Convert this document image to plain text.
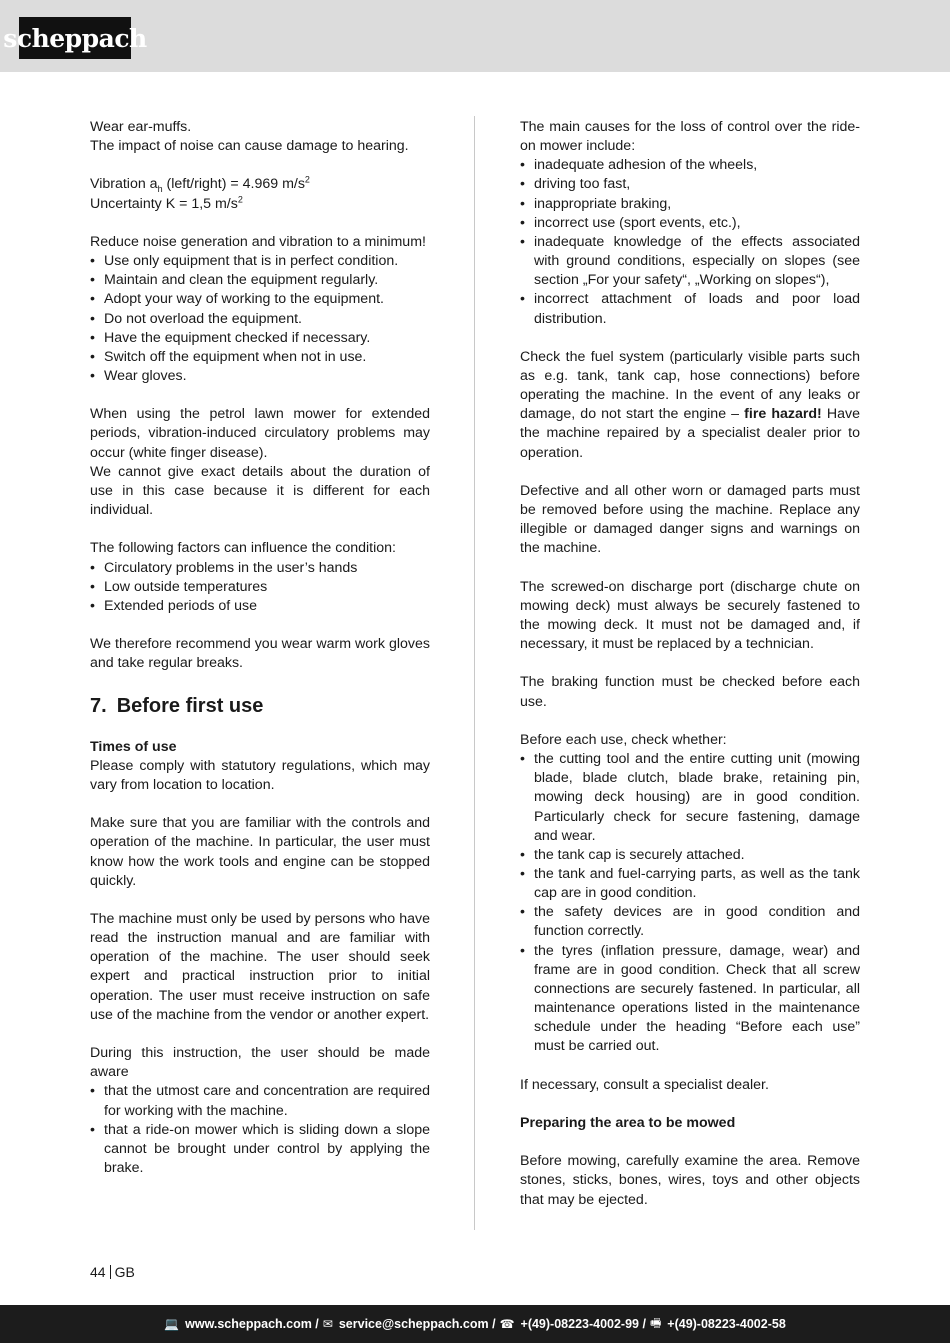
scheppach

Wear ear-muffs.
The impact of noise can cause damage to hearing.

Vibration $a_h$ (left/right) = 4.969 $m/s^2$
Uncertainty K = 1,5 $m/s^2$

Reduce noise generation and vibration to a minimum!

• Use only equipment that is in perfect condition.
• Maintain and clean the equipment regularly.
• Adopt your way of working to the equipment.
• Do not overload the equipment.
• Have the equipment checked if necessary.
• Switch off the equipment when not in use.
• Wear gloves.

When using the petrol lawn mower for extended periods, vibration-induced circulatory problems may occur (white finger disease).

We cannot give exact details about the duration of use in this case because it is different for each individual.

The following factors can influence the condition:

• Circulatory problems in the user’s hands
• Low outside temperatures
• Extended periods of use

We therefore recommend you wear warm work gloves and take regular breaks.

7. Before first use

Times of use

Please comply with statutory regulations, which may vary from location to location.

Make sure that you are familiar with the controls and operation of the machine. In particular, the user must know how the work tools and engine can be stopped quickly.

The machine must only be used by persons who have read the instruction manual and are familiar with operation of the machine. The user should seek expert and practical instruction prior to initial operation. The user must receive instruction on safe use of the machine from the vendor or another expert.

During this instruction, the user should be made aware

• that the utmost care and concentration are required for working with the machine.
• that a ride-on mower which is sliding down a slope cannot be brought under control by applying the brake.

The main causes for the loss of control over the ride-on mower include:

• inadequate adhesion of the wheels,
• driving too fast,
• inappropriate braking,
• incorrect use (sport events, etc.),
• inadequate knowledge of the effects associated with ground conditions, especially on slopes (see section „For your safety“, „Working on slopes“),
• incorrect attachment of loads and poor load distribution.

Check the fuel system (particularly visible parts such as e.g. tank, tank cap, hose connections) before operating the machine. In the event of any leaks or damage, do not start the engine – fire hazard! Have the machine repaired by a specialist dealer prior to operation.

Defective and all other worn or damaged parts must be removed before using the machine. Replace any illegible or damaged danger signs and warnings on the machine.

The screwed-on discharge port (discharge chute on mowing deck) must always be securely fastened to the mowing deck. It must not be damaged and, if necessary, it must be replaced by a technician.

The braking function must be checked before each use.

Before each use, check whether:

• the cutting tool and the entire cutting unit (mowing blade, blade clutch, blade brake, retaining pin, mowing deck housing) are in good condition. Particularly check for secure fastening, damage and wear.
• the tank cap is securely attached.
• the tank and fuel-carrying parts, as well as the tank cap are in good condition.
• the safety devices are in good condition and function correctly.
• the tyres (inflation pressure, damage, wear) and frame are in good condition. Check that all screw connections are securely fastened. In particular, all maintenance operations listed in the maintenance schedule under the heading “Before each use” must be carried out.

If necessary, consult a specialist dealer.

Preparing the area to be mowed

Before mowing, carefully examine the area. Remove stones, sticks, bones, wires, toys and other objects that may be ejected.

44 GB
💻 www.scheppach.com / ✉ service@scheppach.com / ☎ +(49)-08223-4002-99 / 🖷 +(49)-08223-4002-58
